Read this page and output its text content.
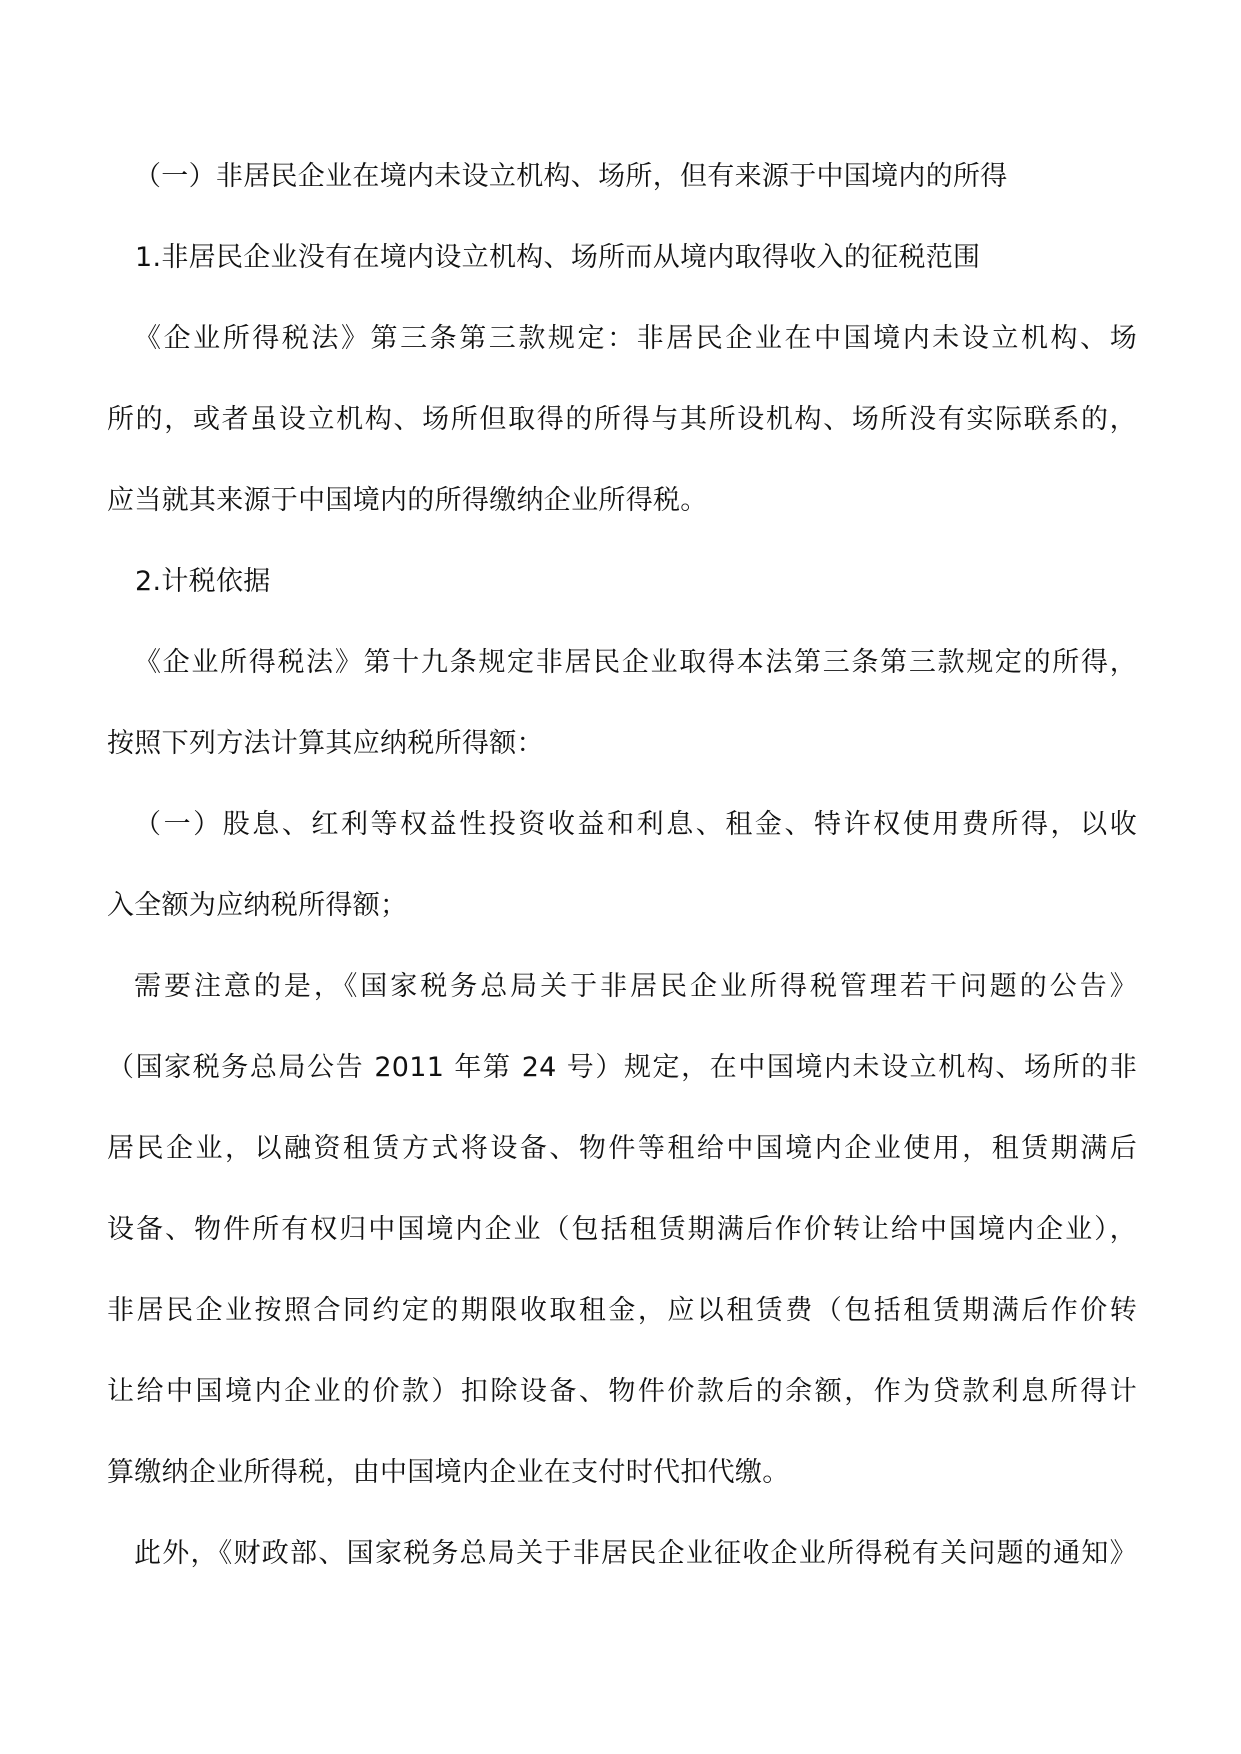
（一）非居民企业在境内未设立机构、场所，但有来源于中国境内的所得
1.非居民企业没有在境内设立机构、场所而从境内取得收入的征税范围
《企业所得税法》第三条第三款规定：非居民企业在中国境内未设立机构、场
所的，或者虽设立机构、场所但取得的所得与其所设机构、场所没有实际联系的，
应当就其来源于中国境内的所得缴纳企业所得税。
2.计税依据
《企业所得税法》第十九条规定非居民企业取得本法第三条第三款规定的所得，
按照下列方法计算其应纳税所得额：
（一）股息、红利等权益性投资收益和利息、租金、特许权使用费所得，以收
入全额为应纳税所得额；
需要注意的是，《国家税务总局关于非居民企业所得税管理若干问题的公告》
（国家税务总局公告 2011 年第 24 号）规定，在中国境内未设立机构、场所的非
居民企业，以融资租赁方式将设备、物件等租给中国境内企业使用，租赁期满后
设备、物件所有权归中国境内企业（包括租赁期满后作价转让给中国境内企业），
非居民企业按照合同约定的期限收取租金，应以租赁费（包括租赁期满后作价转
让给中国境内企业的价款）扣除设备、物件价款后的余额，作为贷款利息所得计
算缴纳企业所得税，由中国境内企业在支付时代扣代缴。
此外，《财政部、国家税务总局关于非居民企业征收企业所得税有关问题的通知》
